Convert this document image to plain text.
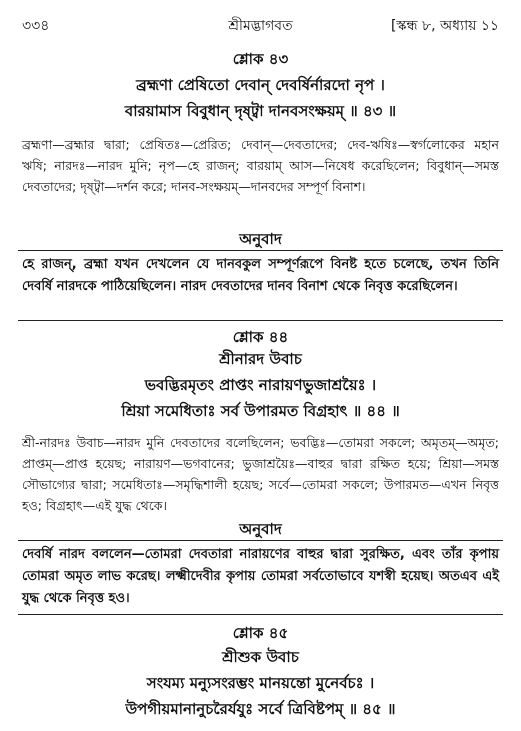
৩৩৪	শ্রীমদ্ভাগবত	[স্কন্ধ ৮, অধ্যায় ১১
শ্লোক ৪৩
ব্রহ্মণা প্রেষিতো দেবান্ দেবর্ষির্নারদো নৃপ ।
বারয়ামাস বিবুধান্ দৃষ্ট্বা দানবসংক্ষয়ম্ ॥ ৪৩ ॥
ব্রহ্মণা—ব্রহ্মার দ্বারা; প্রেষিতঃ—প্রেরিত; দেবান্—দেবতাদের; দেব-ঋষিঃ—স্বর্গলোকের মহান ঋষি; নারদঃ—নারদ মুনি; নৃপ—হে রাজন্; বারয়াম্ আস—নিষেধ করেছিলেন; বিবুধান্—সমস্ত দেবতাদের; দৃষ্ট্বা—দর্শন করে; দানব-সংক্ষয়ম্—দানবদের সম্পূর্ণ বিনাশ।
অনুবাদ
হে রাজন্, ব্রহ্মা যখন দেখলেন যে দানবকুল সম্পূর্ণরূপে বিনষ্ট হতে চলেছে, তখন তিনি দেবর্ষি নারদকে পাঠিয়েছিলেন। নারদ দেবতাদের দানব বিনাশ থেকে নিবৃত্ত করেছিলেন।
শ্লোক ৪৪
শ্রীনারদ উবাচ
ভবদ্ভিরমৃতং প্রাপ্তং নারায়ণভুজাশ্রয়ৈঃ ।
শ্রিয়া সমেধিতাঃ সর্ব উপারমত বিগ্রহাৎ ॥ ৪৪ ॥
শ্রী-নারদঃ উবাচ—নারদ মুনি দেবতাদের বলেছিলেন; ভবদ্ভিঃ—তোমরা সকলে; অমৃতম্—অমৃত; প্রাপ্তম্—প্রাপ্ত হয়েছ; নারায়ণ—ভগবানের; ভুজাশ্রয়ৈঃ—বাহুর দ্বারা রক্ষিত হয়ে; শ্রিয়া—সমস্ত সৌভাগ্যের দ্বারা; সমেধিতাঃ—সমৃদ্ধিশালী হয়েছ; সর্বে—তোমরা সকলে; উপারমত—এখন নিবৃত্ত হও; বিগ্রহাৎ—এই যুদ্ধ থেকে।
অনুবাদ
দেবর্ষি নারদ বললেন—তোমরা দেবতারা নারায়ণের বাহুর দ্বারা সুরক্ষিত, এবং তাঁর কৃপায় তোমরা অমৃত লাভ করেছ। লক্ষ্মীদেবীর কৃপায় তোমরা সর্বতোভাবে যশস্বী হয়েছ। অতএব এই যুদ্ধ থেকে নিবৃত্ত হও।
শ্লোক ৪৫
শ্রীশুক উবাচ
সংযম্য মন্যুসংরম্ভং মানয়ন্তো মুনের্বচঃ ।
উপগীয়মানানুচরৈর্যযুঃ সর্বে ত্রিবিষ্টপম্ ॥ ৪৫ ॥
